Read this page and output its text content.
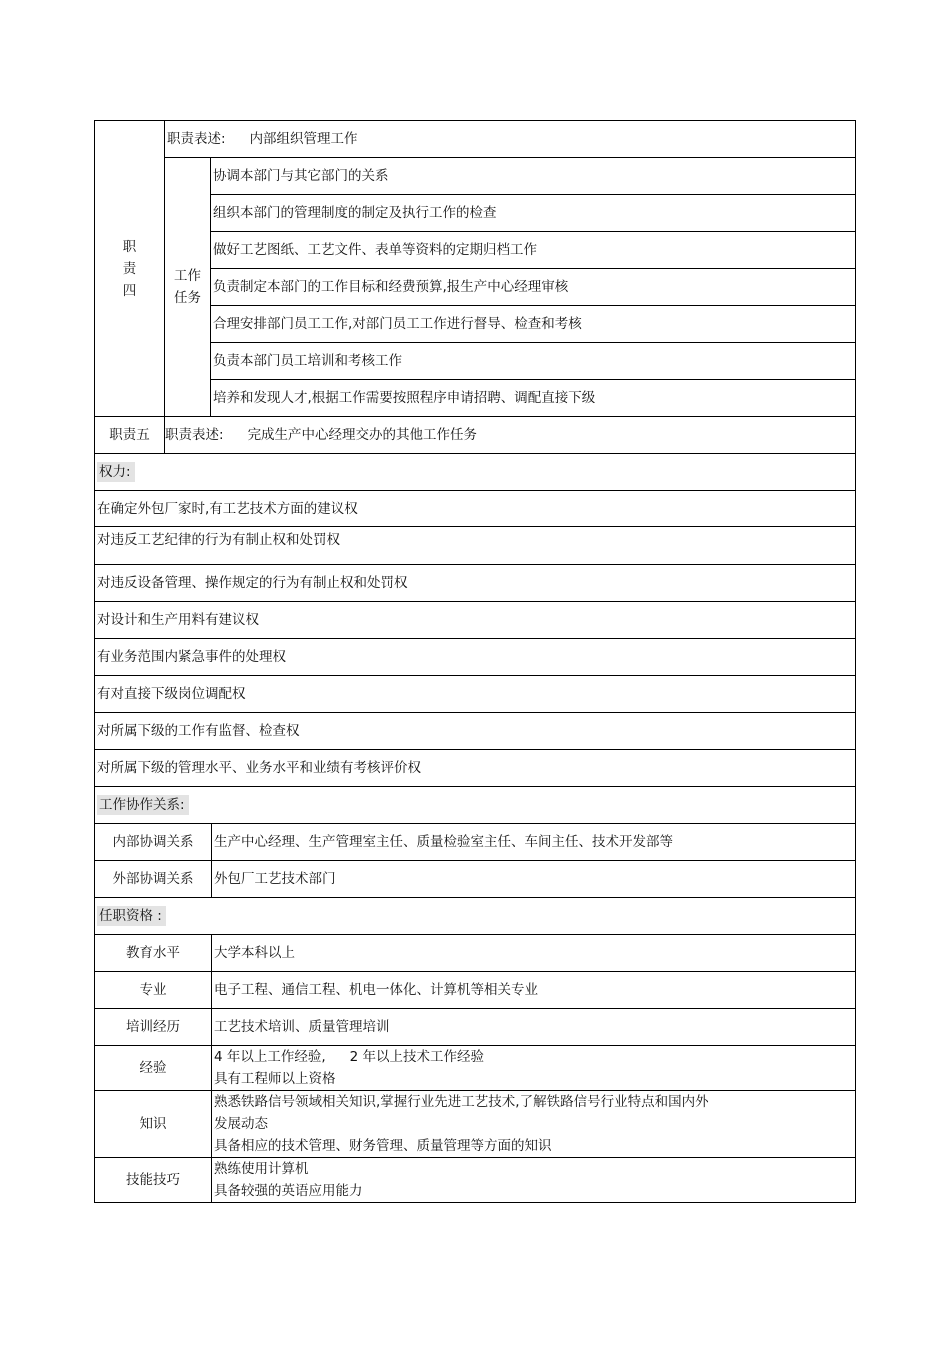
职
责
四	职责表述: 内部组织管理工作	

	工作
任务	协调本部门与其它部门的关系
		组织本部门的管理制度的制定及执行工作的检查
		做好工艺图纸、工艺文件、表单等资料的定期归档工作
		负责制定本部门的工作目标和经费预算,报生产中心经理审核
		合理安排部门员工工作,对部门员工工作进行督导、检查和考核
		负责本部门员工培训和考核工作
		培养和发现人才,根据工作需要按照程序申请招聘、调配直接下级
职责五	职责表述: 完成生产中心经理交办的其他工作任务	
权力:
在确定外包厂家时,有工艺技术方面的建议权
对违反工艺纪律的行为有制止权和处罚权
对违反设备管理、操作规定的行为有制止权和处罚权
对设计和生产用料有建议权
有业务范围内紧急事件的处理权
有对直接下级岗位调配权
对所属下级的工作有监督、检查权
对所属下级的管理水平、业务水平和业绩有考核评价权
工作协作关系:	
内部协调关系	生产中心经理、生产管理室主任、质量检验室主任、车间主任、技术开发部等
外部协调关系	外包厂工艺技术部门
任职资格 :	
教育水平	大学本科以上
专业	电子工程、通信工程、机电一体化、计算机等相关专业
培训经历	工艺技术培训、质量管理培训
经验	4 年以上工作经验, 2 年以上技术工作经验
具有工程师以上资格

知识	熟悉铁路信号领域相关知识,掌握行业先进工艺技术,了解铁路信号行业特点和国内外
发展动态
具备相应的技术管理、财务管理、质量管理等方面的知识

技能技巧	熟练使用计算机
具备较强的英语应用能力
